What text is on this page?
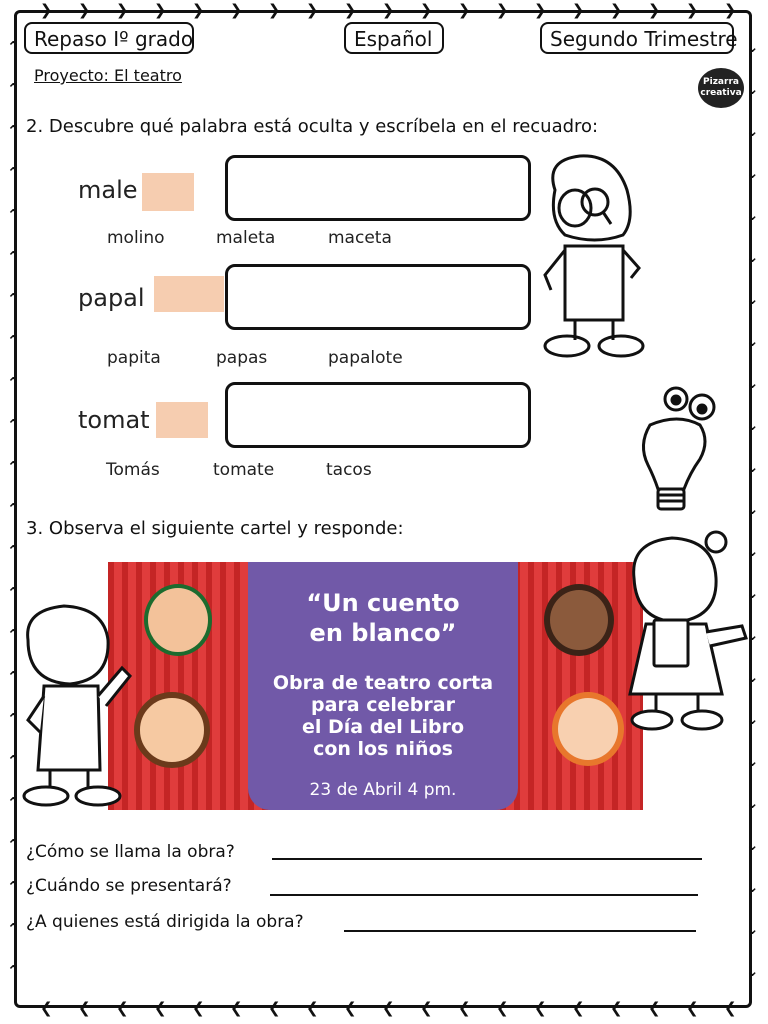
❯
❮
❯
❮
❯
❮
❯
❮
❯
❮
❯
❮
❯
❮
❯
❮
❯
❮
❯
❮
❯
❮
❯
❮
❯
❮
❯
❮
❯
❮
❯
❮
❯
❮
❯
❮
❯
❮
⌃	⌄
⌃	⌄
⌃	⌄
⌃	⌄
⌃	⌄
⌃	⌄
⌃	⌄
⌃	⌄
⌃	⌄
⌃	⌄
⌃	⌄
⌃	⌄
⌃	⌄
⌃	⌄
⌃	⌄
⌃	⌄
⌃	⌄
⌃	⌄
⌃	⌄
⌃	⌄
⌃	⌄
⌃	⌄
⌃	⌄
Repaso Iº grado	Español	Segundo Trimestre
Proyecto: El teatro	Pizarra
creativa
2. Descubre qué palabra está oculta y escríbela en el recuadro:
male
molino	maleta	maceta
papal
papita	papas	papalote
tomat
Tomás	tomate	tacos
3. Observa el siguiente cartel y responde:
“Un cuento
en blanco”
Obra de teatro corta
para celebrar
el Día del Libro
con los niños
23 de Abril 4 pm.
¿Cómo se llama la obra?
¿Cuándo se presentará?
¿A quienes está dirigida la obra?
